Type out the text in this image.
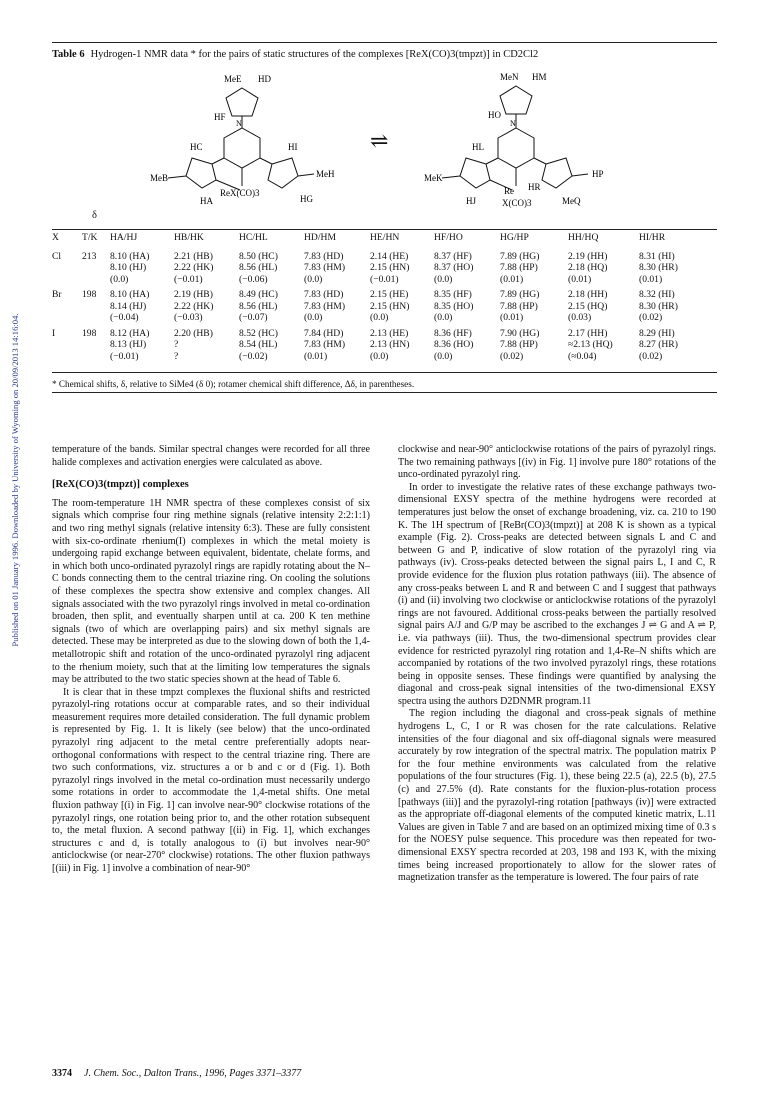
Published on 01 January 1996. Downloaded by University of Wyoming on 20/09/2013 14:16:04.
Table 6 Hydrogen-1 NMR data * for the pairs of static structures of the complexes [ReX(CO)3(tmpzt)] in CD2Cl2
MeE HD
HF
HC	HI
MeB	MeH
HA
ReX(CO)3
HG
N
⇌
MeN HM
HO
HL
MeK	HP
HJ
Re HR
X(CO)3	MeQ
N
δ
X	T/K	HA/HJ	HB/HK	HC/HL	HD/HM	HE/HN	HF/HO	HG/HP	HH/HQ	HI/HR
Cl	213	8.10 (HA)	2.21 (HB)	8.50 (HC)	7.83 (HD)	2.14 (HE)	8.37 (HF)	7.89 (HG)	2.19 (HH)	8.31 (HI)
		8.10 (HJ)	2.22 (HK)	8.56 (HL)	7.83 (HM)	2.15 (HN)	8.37 (HO)	7.88 (HP)	2.18 (HQ)	8.30 (HR)
		(0.0)	(−0.01)	(−0.06)	(0.0)	(−0.01)	(0.0)	(0.01)	(0.01)	(0.01)
Br	198	8.10 (HA)	2.19 (HB)	8.49 (HC)	7.83 (HD)	2.15 (HE)	8.35 (HF)	7.89 (HG)	2.18 (HH)	8.32 (HI)
		8.14 (HJ)	2.22 (HK)	8.56 (HL)	7.83 (HM)	2.15 (HN)	8.35 (HO)	7.88 (HP)	2.15 (HQ)	8.30 (HR)
		(−0.04)	(−0.03)	(−0.07)	(0.0)	(0.0)	(0.0)	(0.01)	(0.03)	(0.02)
I	198	8.12 (HA)	2.20 (HB)	8.52 (HC)	7.84 (HD)	2.13 (HE)	8.36 (HF)	7.90 (HG)	2.17 (HH)	8.29 (HI)
		8.13 (HJ)	?	8.54 (HL)	7.83 (HM)	2.13 (HN)	8.36 (HO)	7.88 (HP)	≈2.13 (HQ)	8.27 (HR)
		(−0.01)	?	(−0.02)	(0.01)	(0.0)	(0.0)	(0.02)	(≈0.04)	(0.02)
* Chemical shifts, δ, relative to SiMe4 (δ 0); rotamer chemical shift difference, Δδ, in parentheses.

temperature of the bands. Similar spectral changes were recorded for all three halide complexes and activation energies were calculated as above.

[ReX(CO)3(tmpzt)] complexes

The room-temperature 1H NMR spectra of these complexes consist of six signals which comprise four ring methine signals (relative intensity 2:2:1:1) and two ring methyl signals (relative intensity 6:3). These are fully consistent with six-co-ordinate rhenium(I) complexes in which the metal moiety is undergoing rapid exchange between equivalent, bidentate, chelate forms, and in which both unco-ordinated pyrazolyl rings are rapidly rotating about the N–C bonds connecting them to the central triazine ring. On cooling the solutions of these complexes the spectra show extensive and complex changes. All signals associated with the two pyrazolyl rings involved in metal co-ordination broaden, then split, and eventually sharpen until at ca. 200 K ten methine signals (two of which are overlapping pairs) and six methyl signals are detected. These may be interpreted as due to the slowing down of both the 1,4-metallotropic shift and rotation of the unco-ordinated pyrazolyl ring adjacent to the rhenium moiety, such that at the limiting low temperatures the signals may be attributed to the two static species shown at the head of Table 6.

It is clear that in these tmpzt complexes the fluxional shifts and restricted pyrazolyl-ring rotations occur at comparable rates, and so their individual measurement requires more detailed consideration. The full dynamic problem is represented by Fig. 1. It is likely (see below) that the unco-ordinated pyrazolyl ring adjacent to the metal centre preferentially adopts near-orthogonal conformations with respect to the central triazine ring. There are two such conformations, viz. structures a or b and c or d (Fig. 1). Both pyrazolyl rings involved in the metal co-ordination must necessarily undergo some rotations in order to accommodate the 1,4-metal shifts. One metal fluxion pathway [(i) in Fig. 1] can involve near-90° clockwise rotations of the pyrazolyl rings, one rotation being prior to, and the other rotation subsequent to, the metal fluxion. A second pathway [(ii) in Fig. 1], which exchanges structures c and d, is totally analogous to (i) but involves near-90° anticlockwise (or near-270° clockwise) rotations. The other fluxion pathways [(iii) in Fig. 1] involve a combination of near-90°

clockwise and near-90° anticlockwise rotations of the pairs of pyrazolyl rings. The two remaining pathways [(iv) in Fig. 1] involve pure 180° rotations of the unco-ordinated pyrazolyl ring.

In order to investigate the relative rates of these exchange pathways two-dimensional EXSY spectra of the methine hydrogens were recorded at temperatures just below the onset of exchange broadening, viz. ca. 210 to 190 K. The 1H spectrum of [ReBr(CO)3(tmpzt)] at 208 K is shown as a typical example (Fig. 2). Cross-peaks are detected between signals L and C and between G and P, indicative of slow rotation of the pyrazolyl ring via pathways (iv). Cross-peaks detected between the signal pairs L, I and C, R provide evidence for the fluxion plus rotation pathways (iii). The absence of any cross-peaks between L and R and between C and I suggest that pathways (i) and (ii) involving two clockwise or anticlockwise rotations of the pyrazolyl rings are not favoured. Additional cross-peaks between the partially resolved signal pairs A/J and G/P may be ascribed to the exchanges J ⇌ G and A ⇌ P, i.e. via pathways (iii). Thus, the two-dimensional spectrum provides clear evidence for restricted pyrazolyl ring rotation and 1,4-Re–N shifts which are accompanied by rotations of the two involved pyrazolyl rings, these rotations being in opposite senses. These findings were quantified by analysing the diagonal and cross-peak signal intensities of the two-dimensional EXSY spectra using the authors D2DNMR program.11

The region including the diagonal and cross-peak signals of methine hydrogens L, C, I or R was chosen for the rate calculations. Relative intensities of the four diagonal and six off-diagonal signals were measured accurately by row integration of the spectral matrix. The population matrix P for the four methine environments was calculated from the relative populations of the four structures (Fig. 1), these being 22.5 (a), 22.5 (b), 27.5 (c) and 27.5% (d). Rate constants for the fluxion-plus-rotation process [pathways (iii)] and the pyrazolyl-ring rotation [pathways (iv)] were extracted as the appropriate off-diagonal elements of the computed kinetic matrix, L.11 Values are given in Table 7 and are based on an optimized mixing time of 0.3 s for the NOESY pulse sequence. This procedure was then repeated for two-dimensional EXSY spectra recorded at 203, 198 and 193 K, with the mixing times being increased proportionately to allow for the slower rates of magnetization transfer as the temperature is lowered. The four pairs of rate

3374 J. Chem. Soc., Dalton Trans., 1996, Pages 3371–3377
